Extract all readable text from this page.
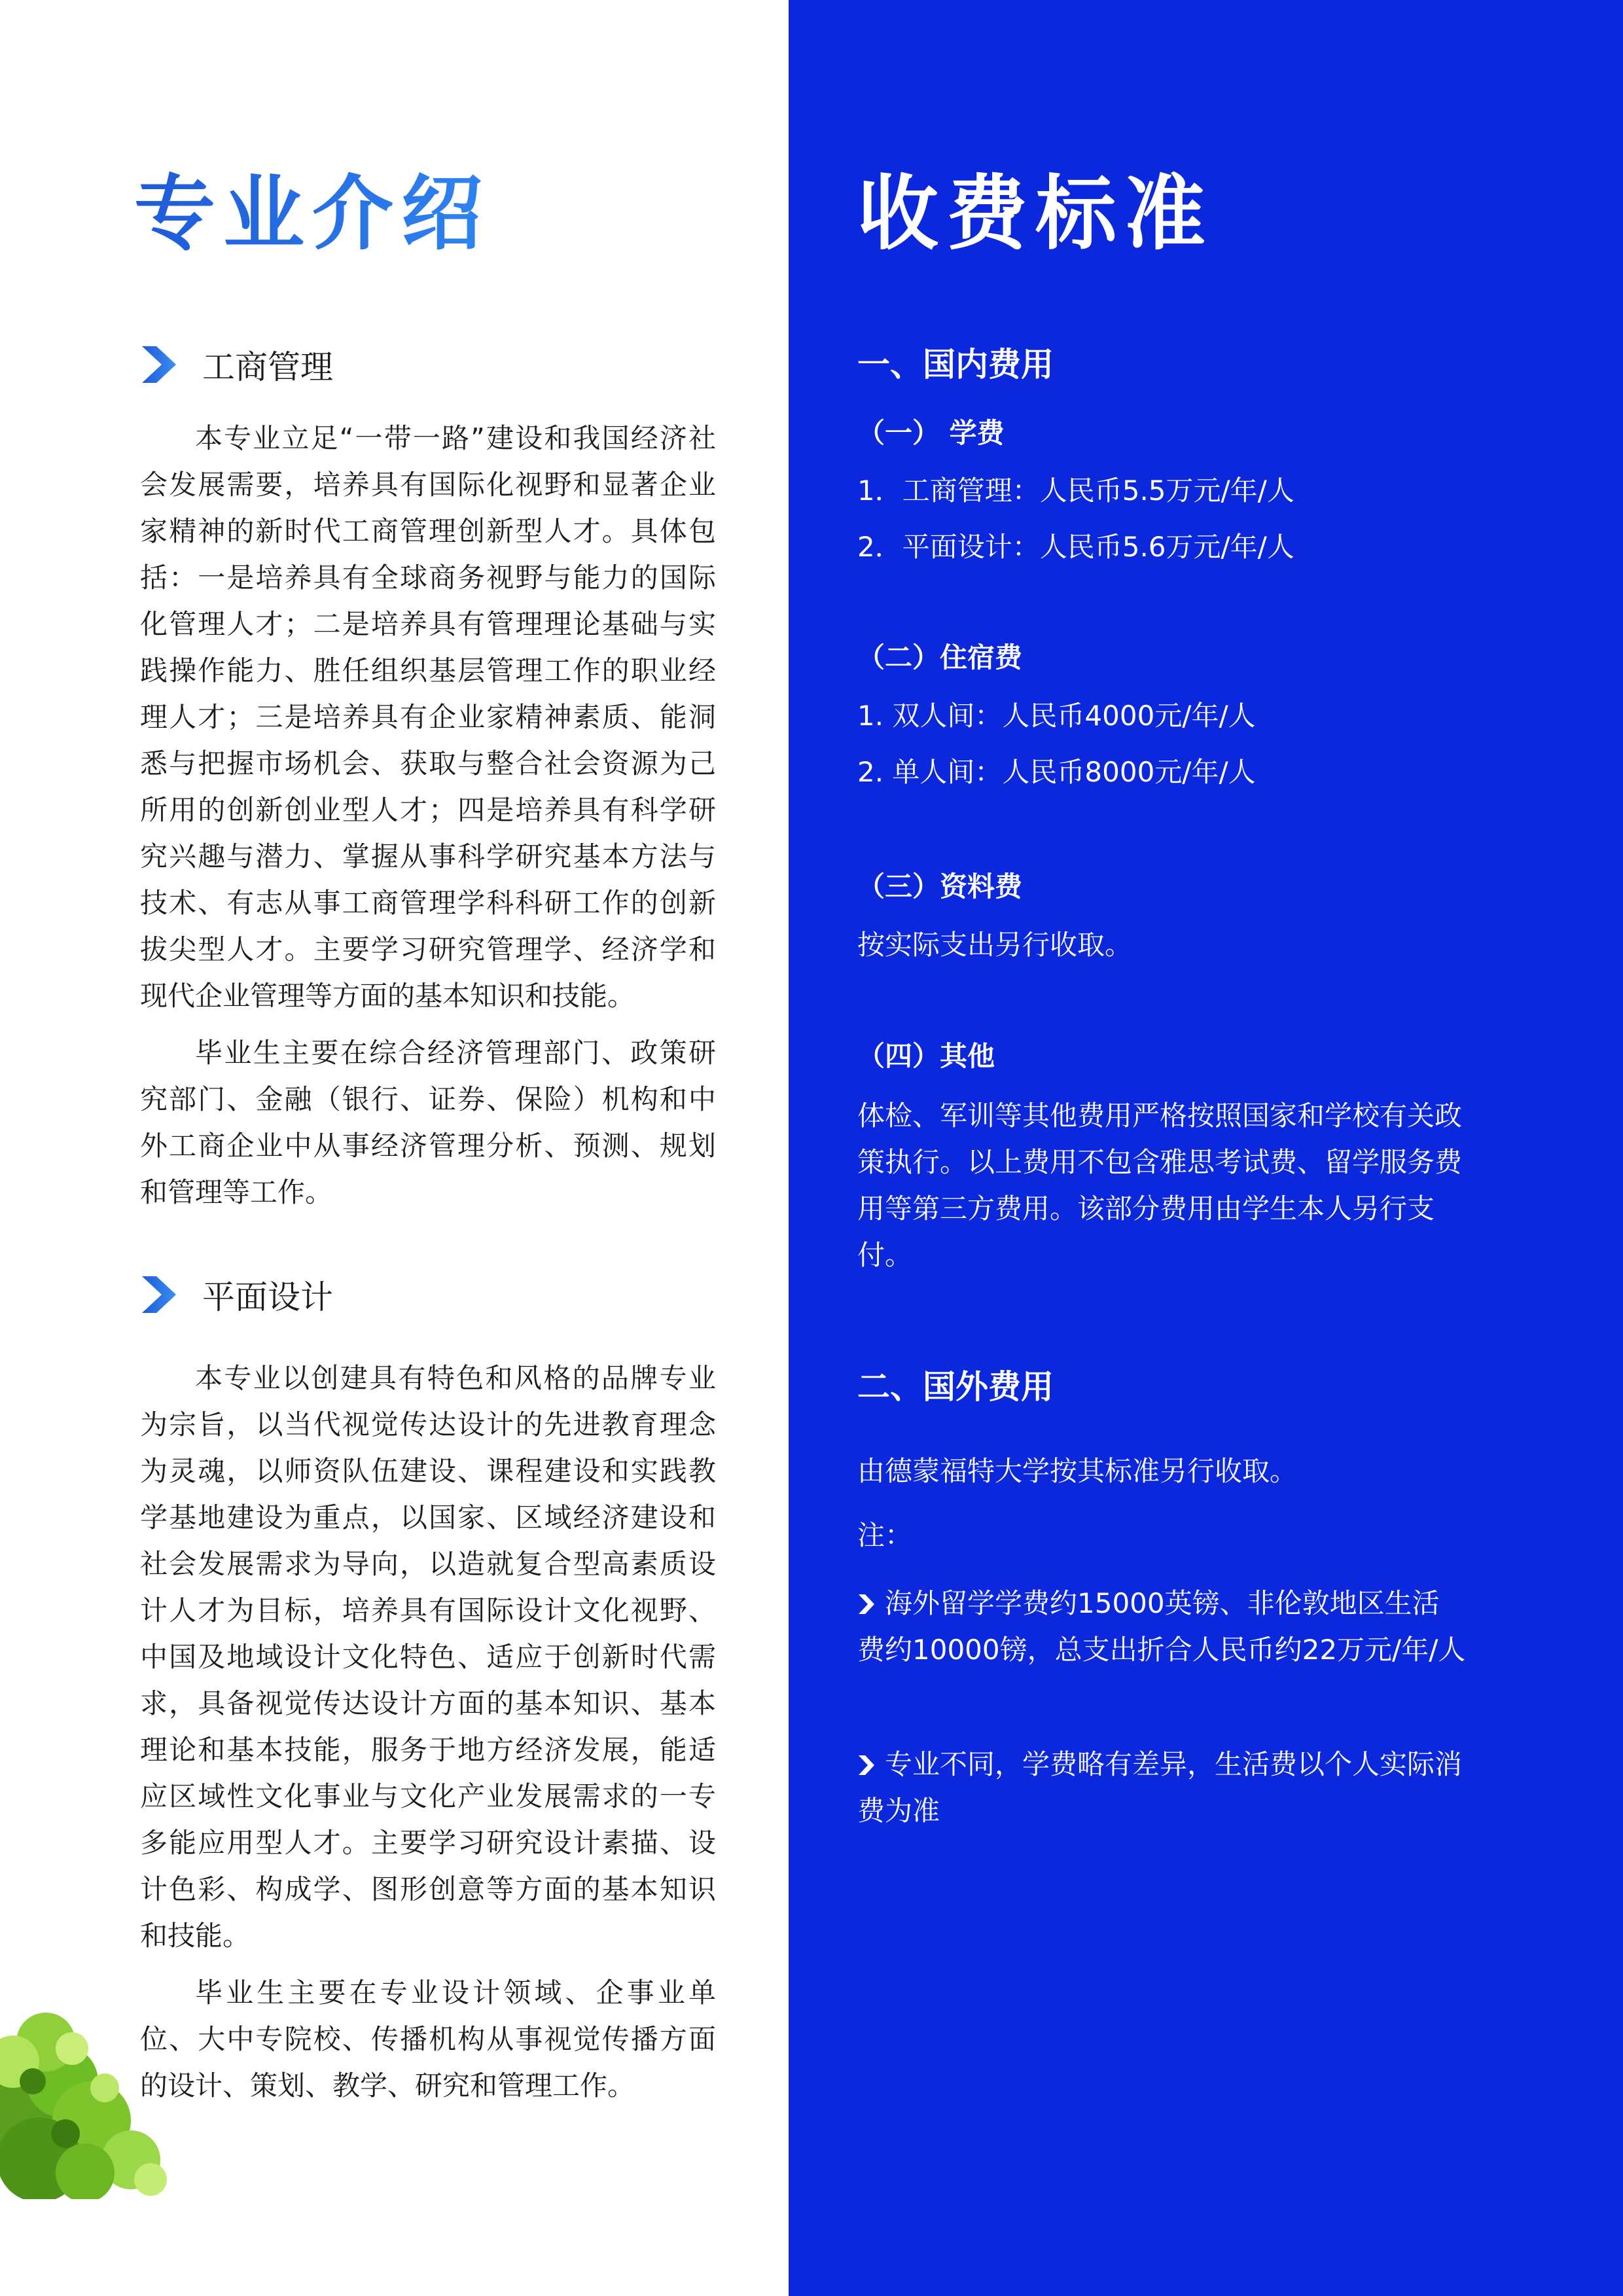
专业介绍
工商管理

本专业立足“一带一路”建设和我国经济社会发展需要，培养具有国际化视野和显著企业家精神的新时代工商管理创新型人才。具体包括：一是培养具有全球商务视野与能力的国际化管理人才；二是培养具有管理理论基础与实践操作能力、胜任组织基层管理工作的职业经理人才；三是培养具有企业家精神素质、能洞悉与把握市场机会、获取与整合社会资源为己所用的创新创业型人才；四是培养具有科学研究兴趣与潜力、掌握从事科学研究基本方法与技术、有志从事工商管理学科科研工作的创新拔尖型人才。主要学习研究管理学、经济学和现代企业管理等方面的基本知识和技能。

毕业生主要在综合经济管理部门、政策研究部门、金融（银行、证券、保险）机构和中外工商企业中从事经济管理分析、预测、规划和管理等工作。

平面设计

本专业以创建具有特色和风格的品牌专业为宗旨，以当代视觉传达设计的先进教育理念为灵魂，以师资队伍建设、课程建设和实践教学基地建设为重点，以国家、区域经济建设和社会发展需求为导向，以造就复合型高素质设计人才为目标，培养具有国际设计文化视野、中国及地域设计文化特色、适应于创新时代需求，具备视觉传达设计方面的基本知识、基本理论和基本技能，服务于地方经济发展，能适应区域性文化事业与文化产业发展需求的一专多能应用型人才。主要学习研究设计素描、设计色彩、构成学、图形创意等方面的基本知识和技能。

毕业生主要在专业设计领域、企事业单位、大中专院校、传播机构从事视觉传播方面的设计、策划、教学、研究和管理工作。

收费标准
一、国内费用
（一） 学费
1．工商管理：人民币5.5万元/年/人
2．平面设计：人民币5.6万元/年/人
（二）住宿费
1. 双人间：人民币4000元/年/人
2. 单人间：人民币8000元/年/人
（三）资料费
按实际支出另行收取。
（四）其他

体检、军训等其他费用严格按照国家和学校有关政策执行。以上费用不包含雅思考试费、留学服务费用等第三方费用。该部分费用由学生本人另行支付。

二、国外费用
由德蒙福特大学按其标准另行收取。
注：

海外留学学费约15000英镑、非伦敦地区生活费约10000镑，总支出折合人民币约22万元/年/人

专业不同，学费略有差异，生活费以个人实际消费为准
